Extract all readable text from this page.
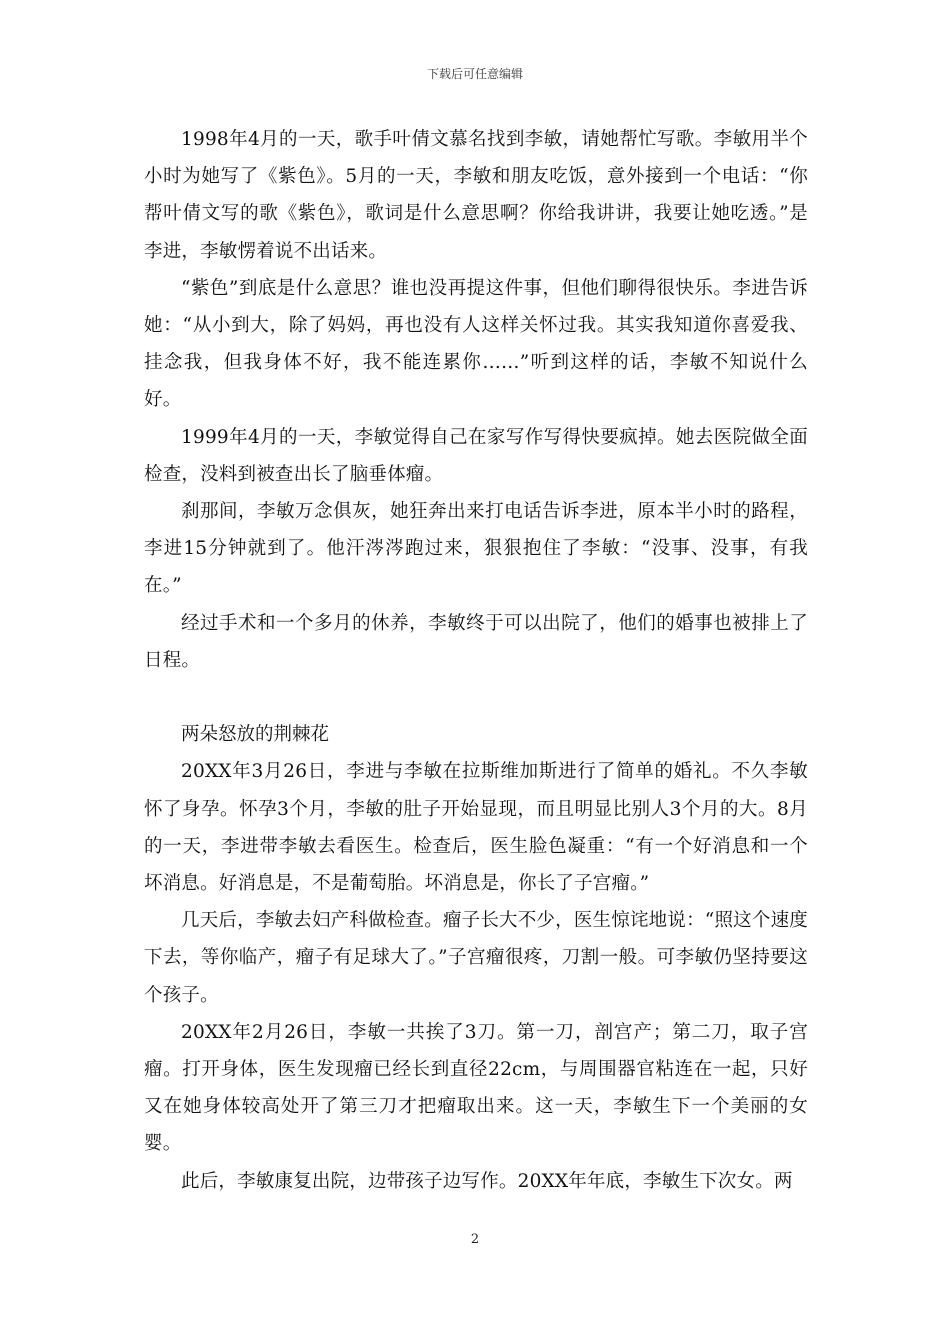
下载后可任意编辑

1998年4月的一天，歌手叶倩文慕名找到李敏，请她帮忙写歌。李敏用半个小时为她写了《紫色》。5月的一天，李敏和朋友吃饭，意外接到一个电话：“你帮叶倩文写的歌《紫色》，歌词是什么意思啊？你给我讲讲，我要让她吃透。”是李进，李敏愣着说不出话来。

“紫色”到底是什么意思？谁也没再提这件事，但他们聊得很快乐。李进告诉她：“从小到大，除了妈妈，再也没有人这样关怀过我。其实我知道你喜爱我、挂念我，但我身体不好，我不能连累你……”听到这样的话，李敏不知说什么好。

1999年4月的一天，李敏觉得自己在家写作写得快要疯掉。她去医院做全面检查，没料到被查出长了脑垂体瘤。

刹那间，李敏万念俱灰，她狂奔出来打电话告诉李进，原本半小时的路程，李进15分钟就到了。他汗涔涔跑过来，狠狠抱住了李敏：“没事、没事，有我在。”

经过手术和一个多月的休养，李敏终于可以出院了，他们的婚事也被排上了日程。

两朵怒放的荆棘花

20XX年3月26日，李进与李敏在拉斯维加斯进行了简单的婚礼。不久李敏怀了身孕。怀孕3个月，李敏的肚子开始显现，而且明显比别人3个月的大。8月的一天，李进带李敏去看医生。检查后，医生脸色凝重：“有一个好消息和一个坏消息。好消息是，不是葡萄胎。坏消息是，你长了子宫瘤。”

几天后，李敏去妇产科做检查。瘤子长大不少，医生惊诧地说：“照这个速度下去，等你临产，瘤子有足球大了。”子宫瘤很疼，刀割一般。可李敏仍坚持要这个孩子。

20XX年2月26日，李敏一共挨了3刀。第一刀，剖宫产；第二刀，取子宫瘤。打开身体，医生发现瘤已经长到直径22cm，与周围器官粘连在一起，只好又在她身体较高处开了第三刀才把瘤取出来。这一天，李敏生下一个美丽的女婴。

此后，李敏康复出院，边带孩子边写作。20XX年年底，李敏生下次女。两

2
